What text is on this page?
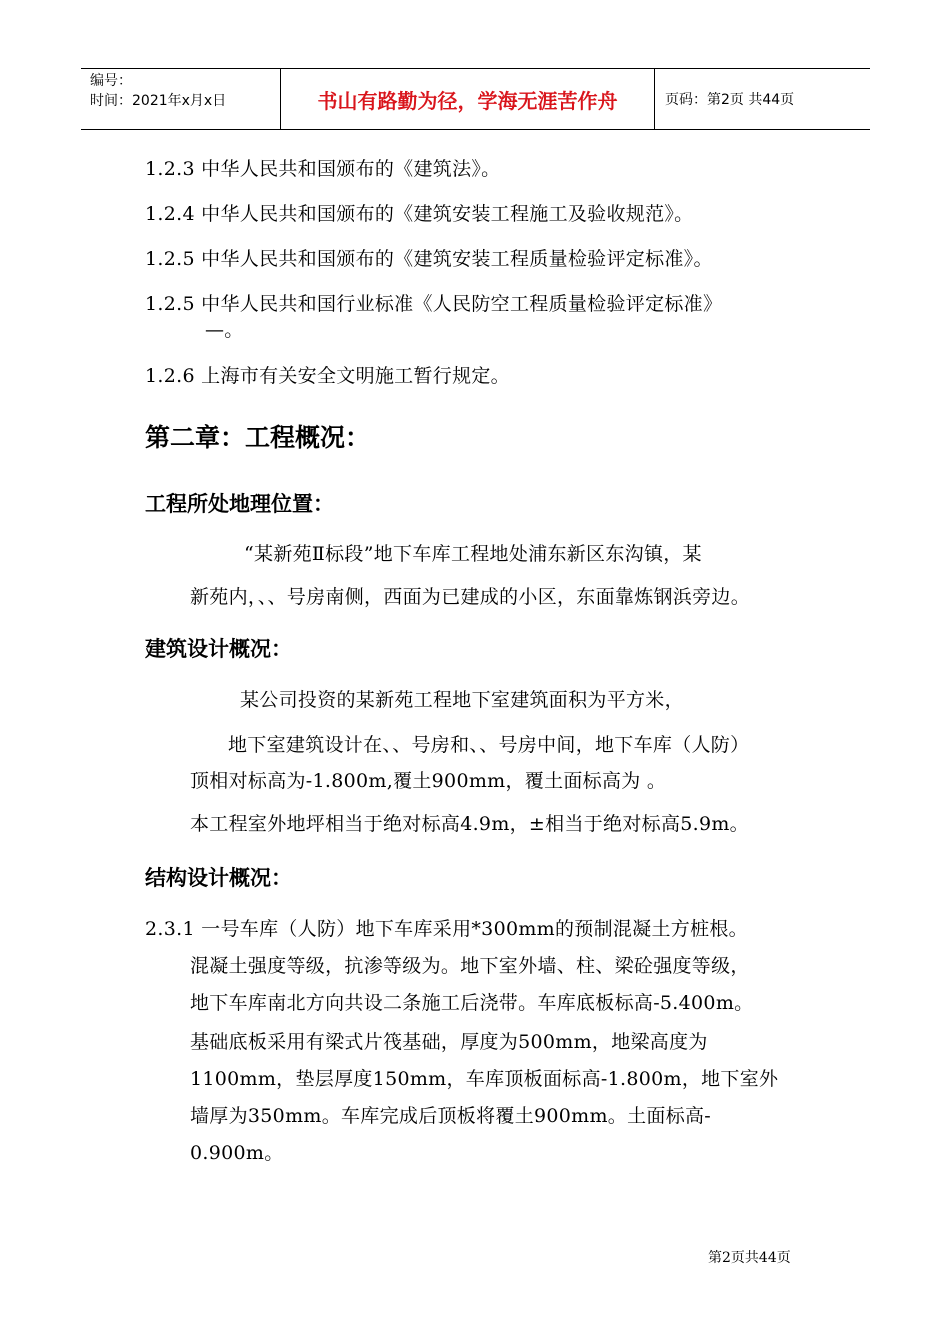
编号：
时间：2021年x月x日	书山有路勤为径，学海无涯苦作舟	页码：第2页 共44页
1.2.3 中华人民共和国颁布的《建筑法》。
1.2.4 中华人民共和国颁布的《建筑安装工程施工及验收规范》。
1.2.5 中华人民共和国颁布的《建筑安装工程质量检验评定标准》。
1.2.5 中华人民共和国行业标准《人民防空工程质量检验评定标准》
—。
1.2.6 上海市有关安全文明施工暂行规定。
第二章：工程概况：
工程所处地理位置：
“某新苑Ⅱ标段”地下车库工程地处浦东新区东沟镇，某
新苑内，、、号房南侧，西面为已建成的小区，东面靠炼钢浜旁边。
建筑设计概况：
某公司投资的某新苑工程地下室建筑面积为平方米，
地下室建筑设计在、、号房和、、号房中间，地下车库（人防）
顶相对标高为-1.800m,覆土900mm，覆土面标高为 。
本工程室外地坪相当于绝对标高4.9m，±相当于绝对标高5.9m。
结构设计概况：
2.3.1 一号车库（人防）地下车库采用*300mm的预制混凝土方桩根。
混凝土强度等级，抗渗等级为。地下室外墙、柱、梁砼强度等级，
地下车库南北方向共设二条施工后浇带。车库底板标高-5.400m。
基础底板采用有梁式片筏基础，厚度为500mm，地梁高度为
1100mm，垫层厚度150mm，车库顶板面标高-1.800m，地下室外
墙厚为350mm。车库完成后顶板将覆土900mm。土面标高-
0.900m。
第2页共44页
